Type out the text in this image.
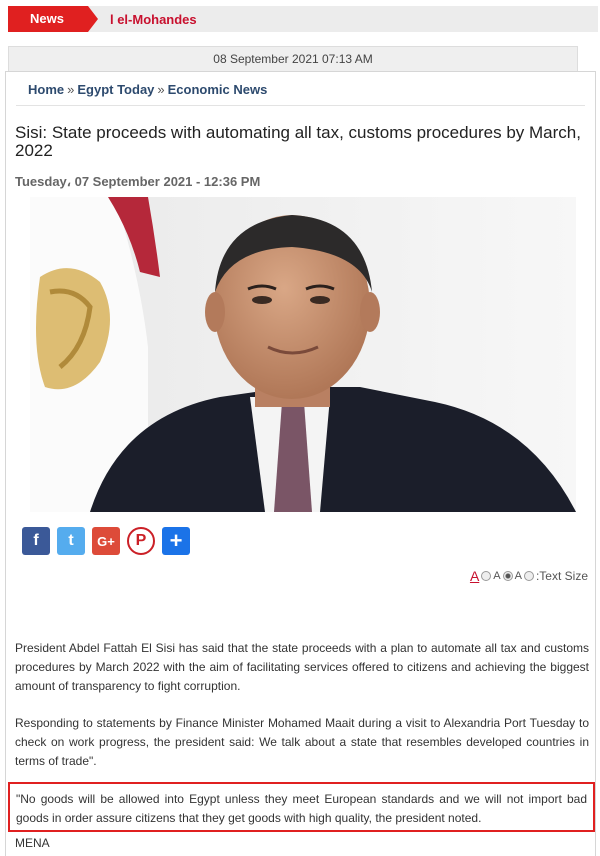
News	l el-Mohandes
08 September 2021 07:13 AM
Home » Egypt Today » Economic News
Sisi: State proceeds with automating all tax, customs procedures by March, 2022
Tuesday، 07 September 2021 - 12:36 PM
f	t	G+	P	+
A A A :Text Size
President Abdel Fattah El Sisi has said that the state proceeds with a plan to automate all tax and customs procedures by March 2022 with the aim of facilitating services offered to citizens and achieving the biggest amount of transparency to fight corruption.
Responding to statements by Finance Minister Mohamed Maait during a visit to Alexandria Port Tuesday to check on work progress, the president said: We talk about a state that resembles developed countries in terms of trade".
"No goods will be allowed into Egypt unless they meet European standards and we will not import bad goods in order assure citizens that they get goods with high quality, the president noted.
MENA
